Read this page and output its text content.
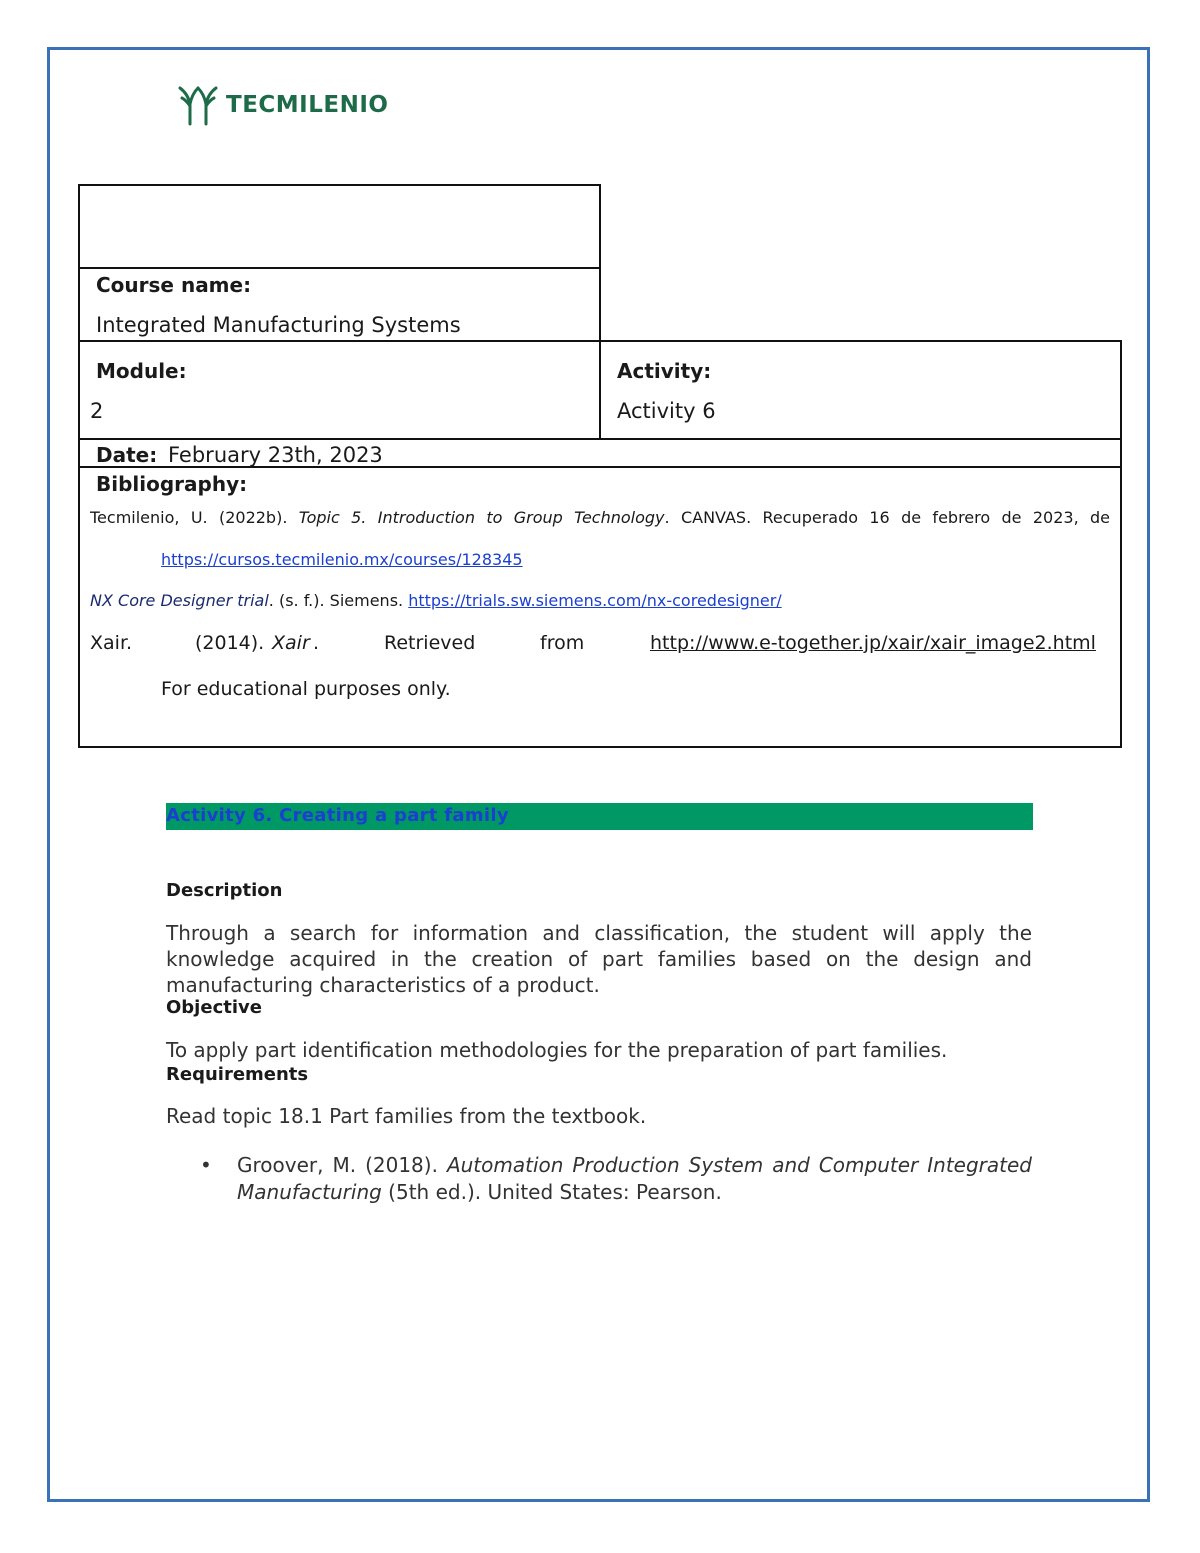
TECMILENIO
Course name:
Integrated Manufacturing Systems
Module:
2
Activity:
Activity 6
Date: February 23th, 2023
Bibliography:
Tecmilenio, U. (2022b). Topic 5. Introduction to Group Technology. CANVAS. Recuperado 16 de febrero de 2023, de
https://cursos.tecmilenio.mx/courses/128345
NX Core Designer trial. (s. f.). Siemens. https://trials.sw.siemens.com/nx-coredesigner/
Xair.	(2014). Xair .	Retrieved	from	http://www.e-together.jp/xair/xair_image2.html
For educational purposes only.
Activity 6. Creating a part family
Description
Through a search for information and classification, the student will apply the knowledge acquired in the creation of part families based on the design and manufacturing characteristics of a product.
Objective
To apply part identification methodologies for the preparation of part families.
Requirements
Read topic 18.1 Part families from the textbook.
• Groover, M. (2018). Automation Production System and Computer Integrated Manufacturing (5th ed.). United States: Pearson.
